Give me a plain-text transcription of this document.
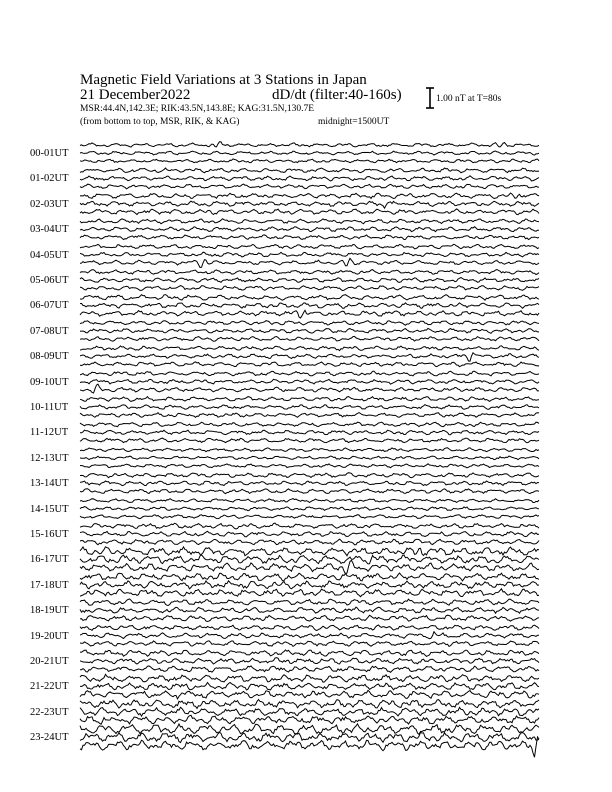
Magnetic Field Variations at 3 Stations in Japan
21 December2022	dD/dt (filter:40-160s)
MSR:44.4N,142.3E; RIK:43.5N,143.8E; KAG:31.5N,130.7E
(from bottom to top, MSR, RIK, & KAG)	midnight=1500UT
1.00 nT at T=80s
00-01UT
01-02UT
02-03UT
03-04UT
04-05UT
05-06UT
06-07UT
07-08UT
08-09UT
09-10UT
10-11UT
11-12UT
12-13UT
13-14UT
14-15UT
15-16UT
16-17UT
17-18UT
18-19UT
19-20UT
20-21UT
21-22UT
22-23UT
23-24UT
